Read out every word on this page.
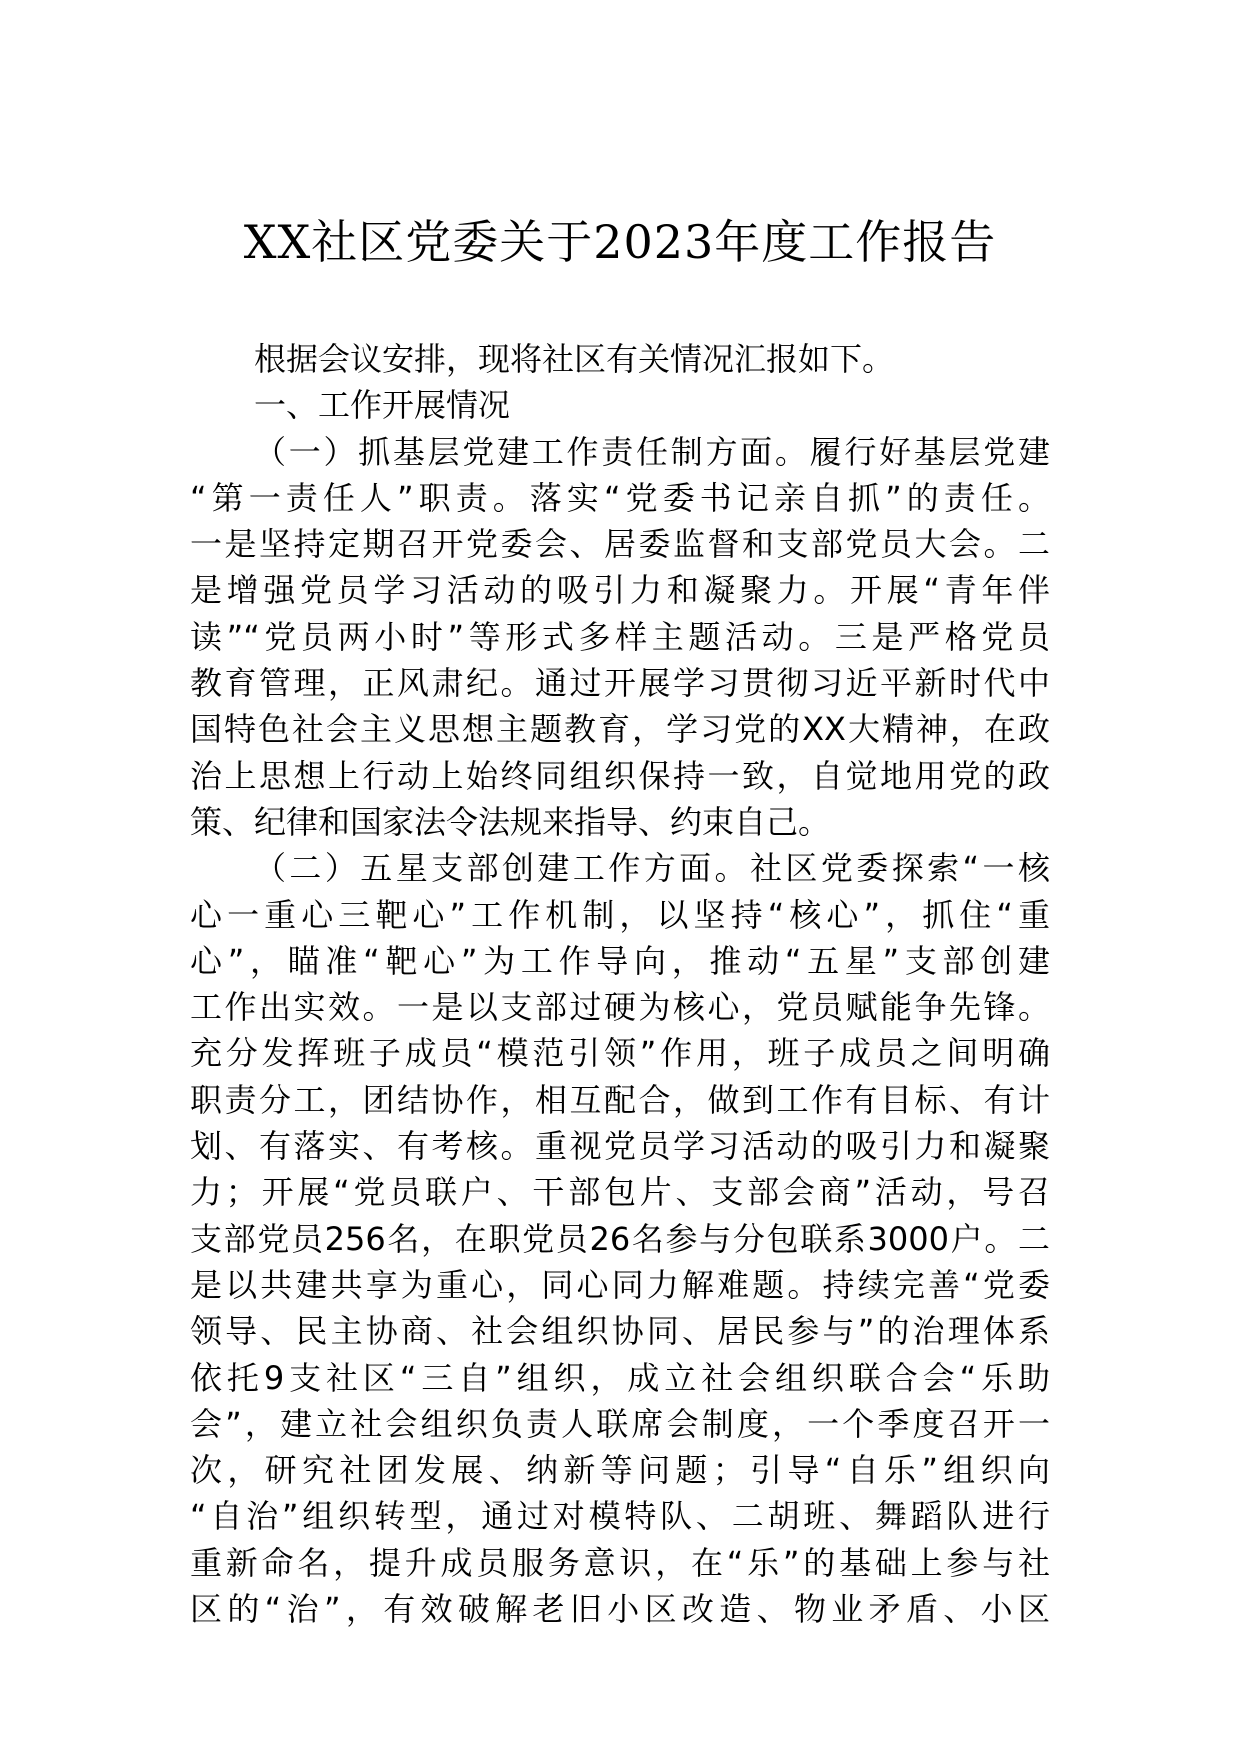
XX社区党委关于2023年度工作报告
根据会议安排，现将社区有关情况汇报如下。
一、工作开展情况
（一）抓基层党建工作责任制方面。履行好基层党建
“第一责任人”职责。落实“党委书记亲自抓”的责任。
一是坚持定期召开党委会、居委监督和支部党员大会。二
是增强党员学习活动的吸引力和凝聚力。开展“青年伴
读”“党员两小时”等形式多样主题活动。三是严格党员
教育管理，正风肃纪。通过开展学习贯彻习近平新时代中
国特色社会主义思想主题教育，学习党的XX大精神，在政
治上思想上行动上始终同组织保持一致，自觉地用党的政
策、纪律和国家法令法规来指导、约束自己。
（二）五星支部创建工作方面。社区党委探索“一核
心一重心三靶心”工作机制，以坚持“核心”，抓住“重
心”，瞄准“靶心”为工作导向，推动“五星”支部创建
工作出实效。一是以支部过硬为核心，党员赋能争先锋。
充分发挥班子成员“模范引领”作用，班子成员之间明确
职责分工，团结协作，相互配合，做到工作有目标、有计
划、有落实、有考核。重视党员学习活动的吸引力和凝聚
力；开展“党员联户、干部包片、支部会商”活动，号召
支部党员256名，在职党员26名参与分包联系3000户。二
是以共建共享为重心，同心同力解难题。持续完善“党委
领导、民主协商、社会组织协同、居民参与”的治理体系
依托9支社区“三自”组织，成立社会组织联合会“乐助
会”，建立社会组织负责人联席会制度，一个季度召开一
次，研究社团发展、纳新等问题；引导“自乐”组织向
“自治”组织转型，通过对模特队、二胡班、舞蹈队进行
重新命名，提升成员服务意识，在“乐”的基础上参与社
区的“治”，有效破解老旧小区改造、物业矛盾、小区
